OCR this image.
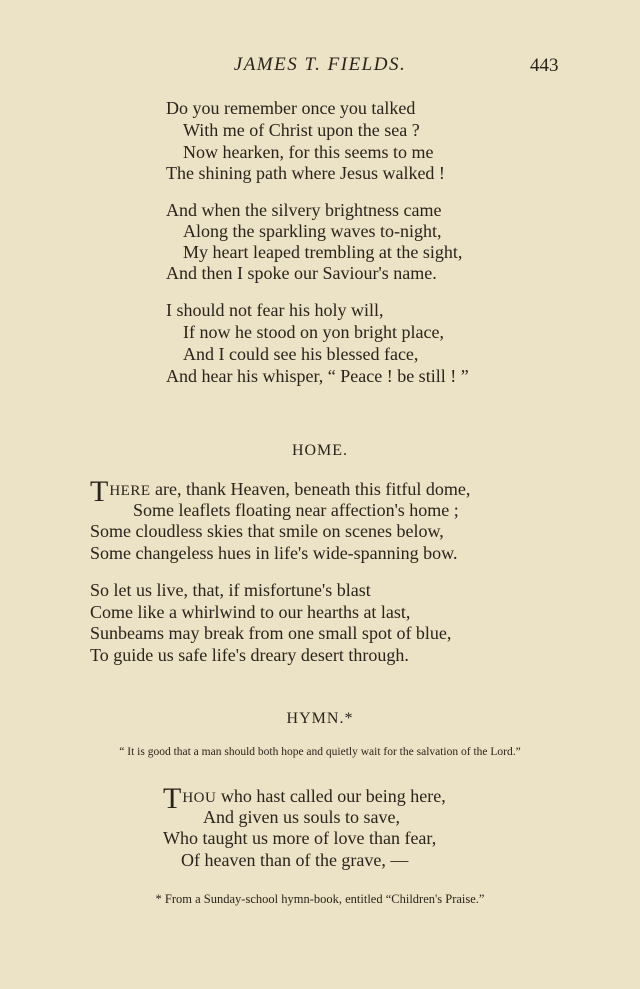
JAMES T. FIELDS.	443
Do you remember once you talked
With me of Christ upon the sea ?
Now hearken, for this seems to me
The shining path where Jesus walked !
And when the silvery brightness came
Along the sparkling waves to-night,
My heart leaped trembling at the sight,
And then I spoke our Saviour's name.
I should not fear his holy will,
If now he stood on yon bright place,
And I could see his blessed face,
And hear his whisper, “ Peace ! be still ! ”
HOME.
THERE are, thank Heaven, beneath this fitful dome,
Some leaflets floating near affection's home ;
Some cloudless skies that smile on scenes below,
Some changeless hues in life's wide-spanning bow.
So let us live, that, if misfortune's blast
Come like a whirlwind to our hearths at last,
Sunbeams may break from one small spot of blue,
To guide us safe life's dreary desert through.
HYMN.*
“ It is good that a man should both hope and quietly wait for the salvation of the Lord.”
THOU who hast called our being here,
And given us souls to save,
Who taught us more of love than fear,
Of heaven than of the grave, —
* From a Sunday-school hymn-book, entitled “Children's Praise.”
